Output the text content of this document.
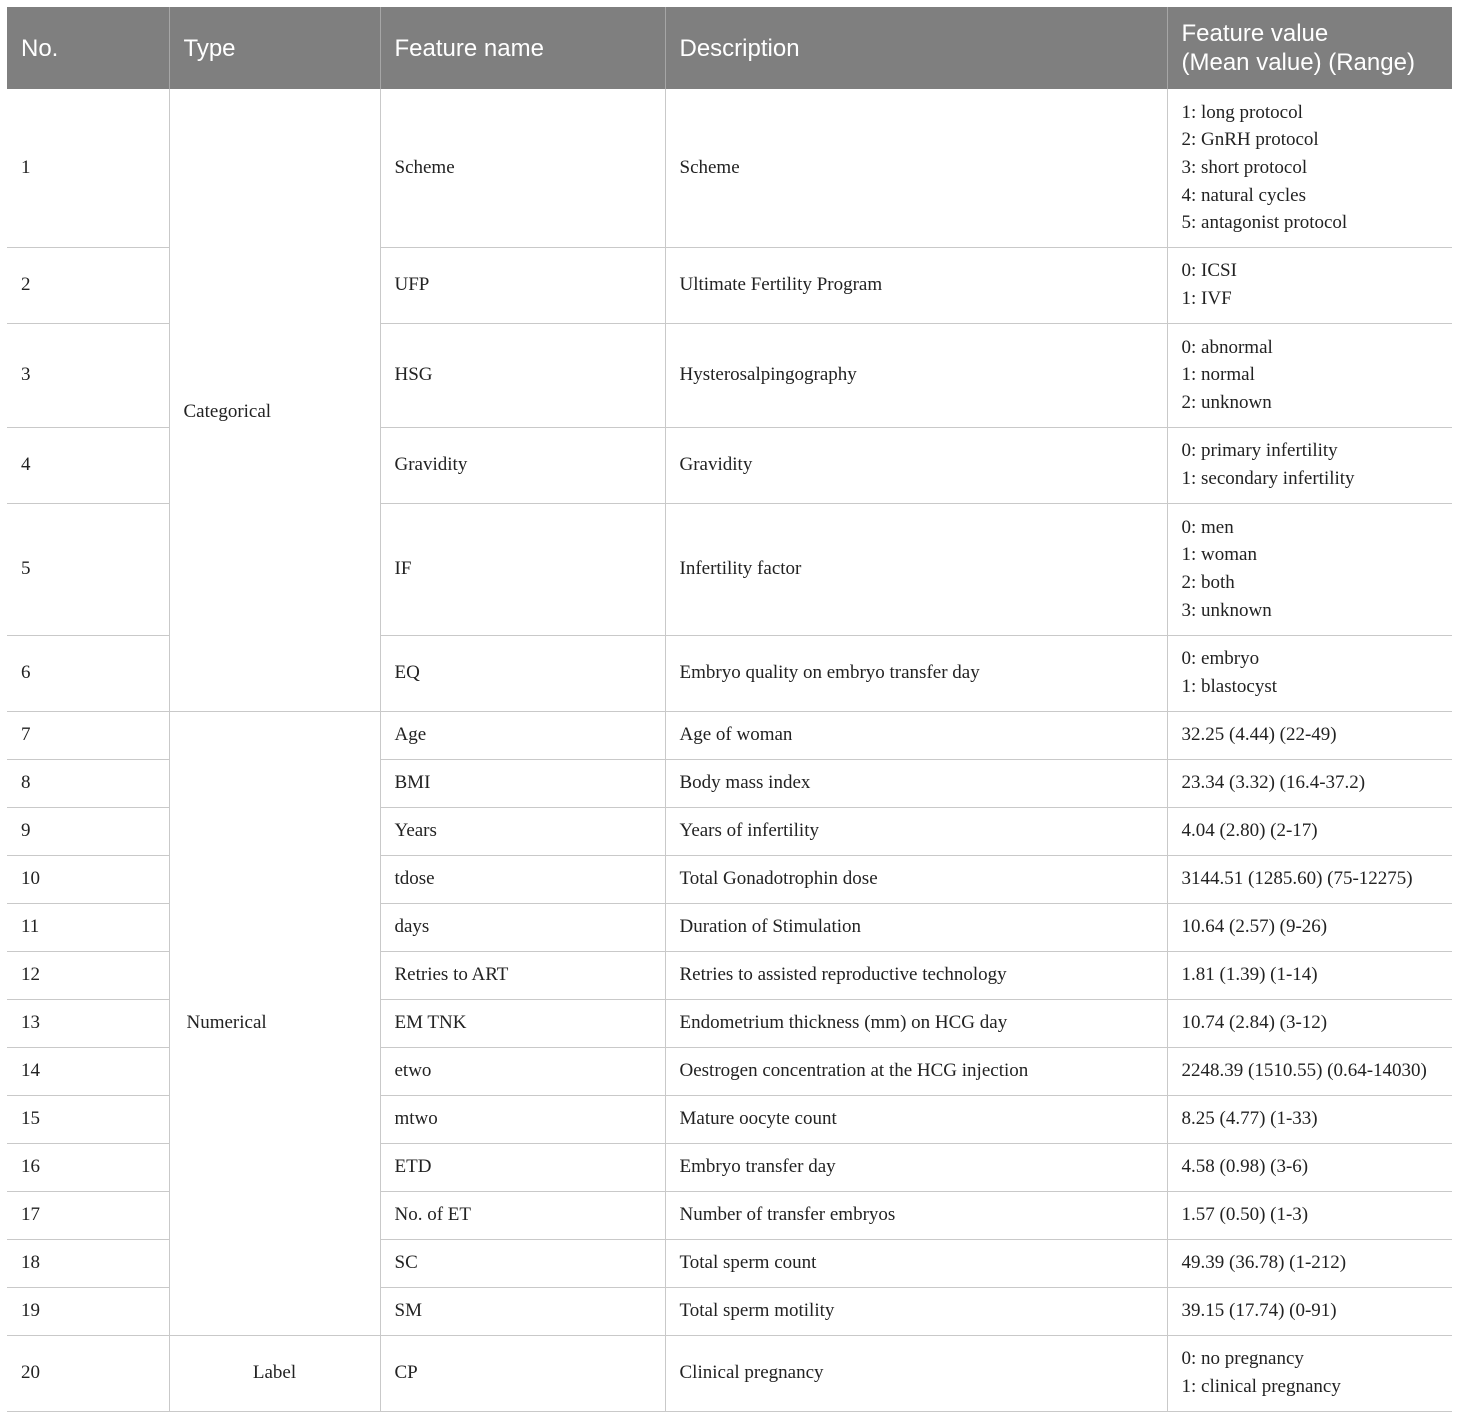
No.	Type	Feature name	Description	Feature value
(Mean value) (Range)

1	Categorical	Scheme	Scheme	1: long protocol
2: GnRH protocol
3: short protocol
4: natural cycles
5: antagonist protocol

2		UFP	Ultimate Fertility Program	0: ICSI
1: IVF

3		HSG	Hysterosalpingography	0: abnormal
1: normal
2: unknown

4		Gravidity	Gravidity	0: primary infertility
1: secondary infertility

5		IF	Infertility factor	0: men
1: woman
2: both
3: unknown

6		EQ	Embryo quality on embryo transfer day	0: embryo
1: blastocyst

7	Numerical	Age	Age of woman	32.25 (4.44) (22-49)

8		BMI	Body mass index	23.34 (3.32) (16.4-37.2)

9		Years	Years of infertility	4.04 (2.80) (2-17)

10		tdose	Total Gonadotrophin dose	3144.51 (1285.60) (75-12275)

11		days	Duration of Stimulation	10.64 (2.57) (9-26)

12		Retries to ART	Retries to assisted reproductive technology	1.81 (1.39) (1-14)

13		EM TNK	Endometrium thickness (mm) on HCG day	10.74 (2.84) (3-12)

14		etwo	Oestrogen concentration at the HCG injection	2248.39 (1510.55) (0.64-14030)

15		mtwo	Mature oocyte count	8.25 (4.77) (1-33)

16		ETD	Embryo transfer day	4.58 (0.98) (3-6)

17		No. of ET	Number of transfer embryos	1.57 (0.50) (1-3)

18		SC	Total sperm count	49.39 (36.78) (1-212)

19		SM	Total sperm motility	39.15 (17.74) (0-91)

20	Label	CP	Clinical pregnancy	0: no pregnancy
1: clinical pregnancy
